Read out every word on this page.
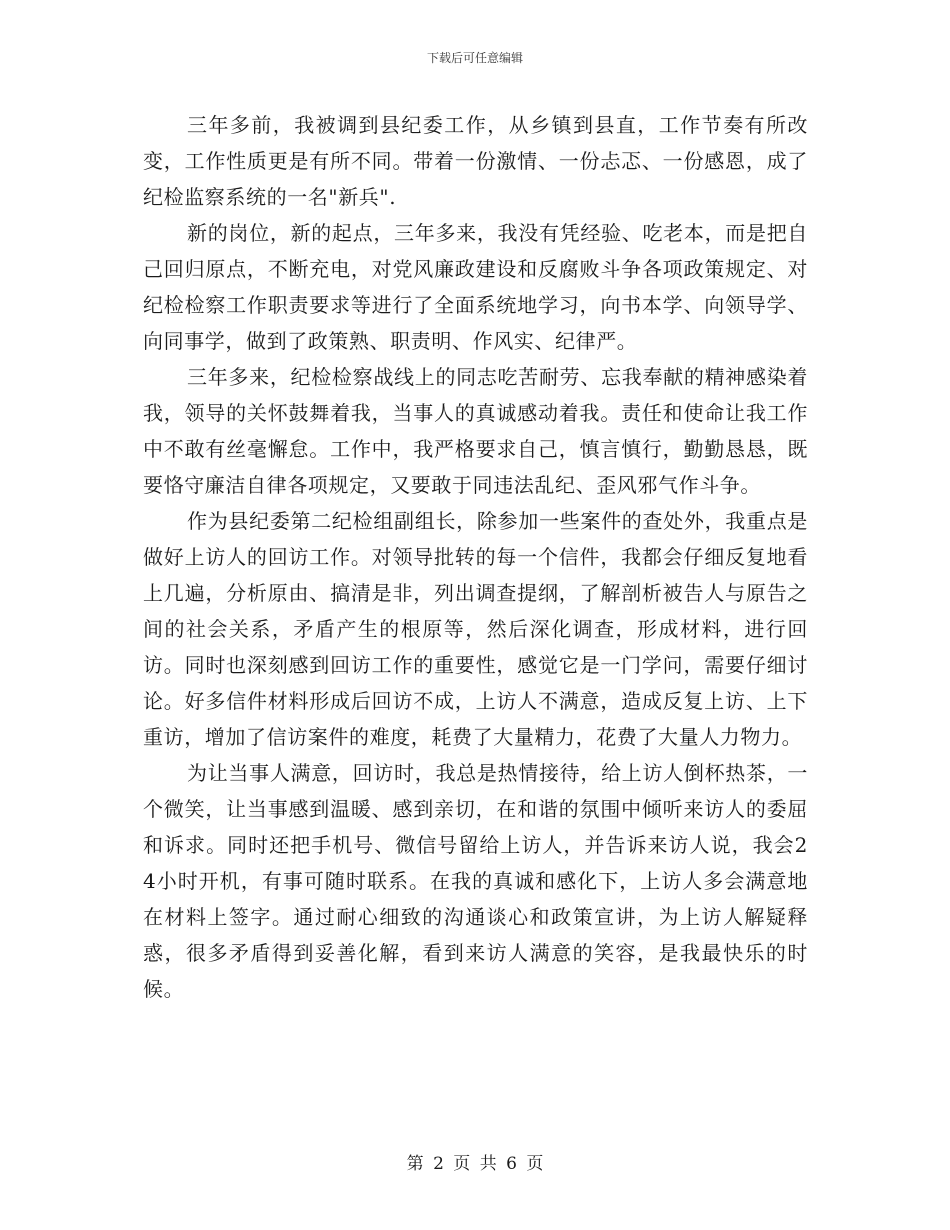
下载后可任意编辑

三年多前，我被调到县纪委工作，从乡镇到县直，工作节奏有所改变，工作性质更是有所不同。带着一份激情、一份忐忑、一份感恩，成了纪检监察系统的一名"新兵".

新的岗位，新的起点，三年多来，我没有凭经验、吃老本，而是把自己回归原点，不断充电，对党风廉政建设和反腐败斗争各项政策规定、对纪检检察工作职责要求等进行了全面系统地学习，向书本学、向领导学、向同事学，做到了政策熟、职责明、作风实、纪律严。

三年多来，纪检检察战线上的同志吃苦耐劳、忘我奉献的精神感染着我，领导的关怀鼓舞着我，当事人的真诚感动着我。责任和使命让我工作中不敢有丝毫懈怠。工作中，我严格要求自己，慎言慎行，勤勤恳恳，既要恪守廉洁自律各项规定，又要敢于同违法乱纪、歪风邪气作斗争。

作为县纪委第二纪检组副组长，除参加一些案件的查处外，我重点是做好上访人的回访工作。对领导批转的每一个信件，我都会仔细反复地看上几遍，分析原由、搞清是非，列出调查提纲，了解剖析被告人与原告之间的社会关系，矛盾产生的根原等，然后深化调查，形成材料，进行回访。同时也深刻感到回访工作的重要性，感觉它是一门学问，需要仔细讨论。好多信件材料形成后回访不成，上访人不满意，造成反复上访、上下重访，增加了信访案件的难度，耗费了大量精力，花费了大量人力物力。

为让当事人满意，回访时，我总是热情接待，给上访人倒杯热茶，一个微笑，让当事感到温暖、感到亲切，在和谐的氛围中倾听来访人的委屈和诉求。同时还把手机号、微信号留给上访人，并告诉来访人说，我会24小时开机，有事可随时联系。在我的真诚和感化下，上访人多会满意地在材料上签字。通过耐心细致的沟通谈心和政策宣讲，为上访人解疑释惑，很多矛盾得到妥善化解，看到来访人满意的笑容，是我最快乐的时候。

第 2 页 共 6 页
